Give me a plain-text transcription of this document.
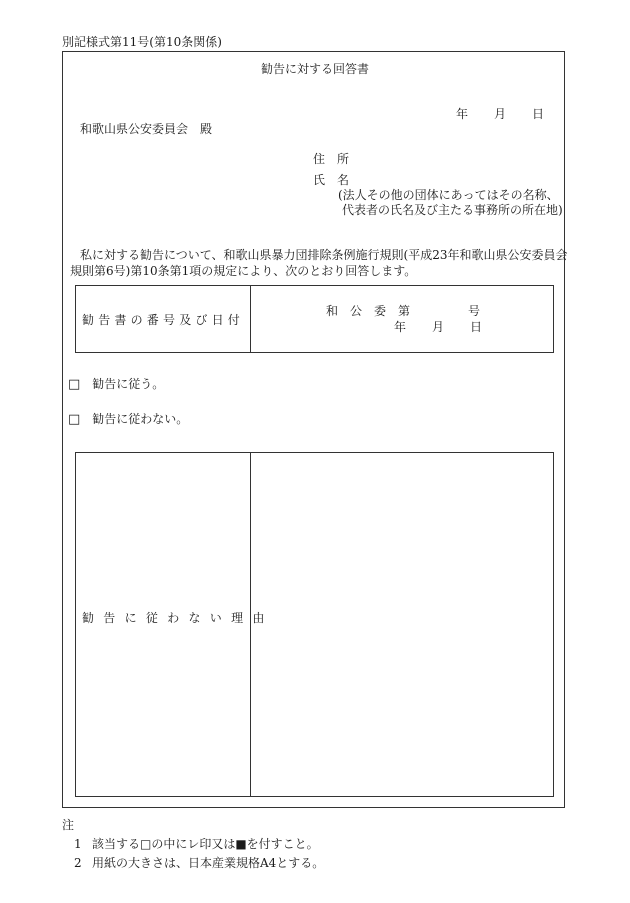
別記様式第11号(第10条関係)
勧告に対する回答書
年 月 日
和歌山県公安委員会　殿
住　所
氏　名
(法人その他の団体にあってはその名称、
代表者の氏名及び主たる事務所の所在地)
私に対する勧告について、和歌山県暴力団排除条例施行規則(平成23年和歌山県公安委員会
規則第6号)第10条第1項の規定により、次のとおり回答します。
勧告書の番号及び日付
和　公　委　第	号
年 月 日
□ 勧告に従う。
□ 勧告に従わない。
勧告に従わない理由
注
1 該当する□の中にレ印又は■を付すこと。
2 用紙の大きさは、日本産業規格A4とする。
